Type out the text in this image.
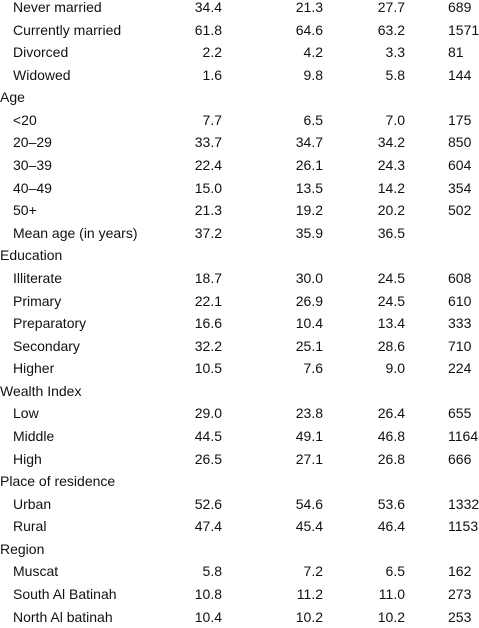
Never married	34.4	21.3	27.7	689
Currently married	61.8	64.6	63.2	1571
Divorced	2.2	4.2	3.3	81
Widowed	1.6	9.8	5.8	144
Age
<20	7.7	6.5	7.0	175
20–29	33.7	34.7	34.2	850
30–39	22.4	26.1	24.3	604
40–49	15.0	13.5	14.2	354
50+	21.3	19.2	20.2	502
Mean age (in years)	37.2	35.9	36.5
Education
Illiterate	18.7	30.0	24.5	608
Primary	22.1	26.9	24.5	610
Preparatory	16.6	10.4	13.4	333
Secondary	32.2	25.1	28.6	710
Higher	10.5	7.6	9.0	224
Wealth Index
Low	29.0	23.8	26.4	655
Middle	44.5	49.1	46.8	1164
High	26.5	27.1	26.8	666
Place of residence
Urban	52.6	54.6	53.6	1332
Rural	47.4	45.4	46.4	1153
Region
Muscat	5.8	7.2	6.5	162
South Al Batinah	10.8	11.2	11.0	273
North Al batinah	10.4	10.2	10.2	253
